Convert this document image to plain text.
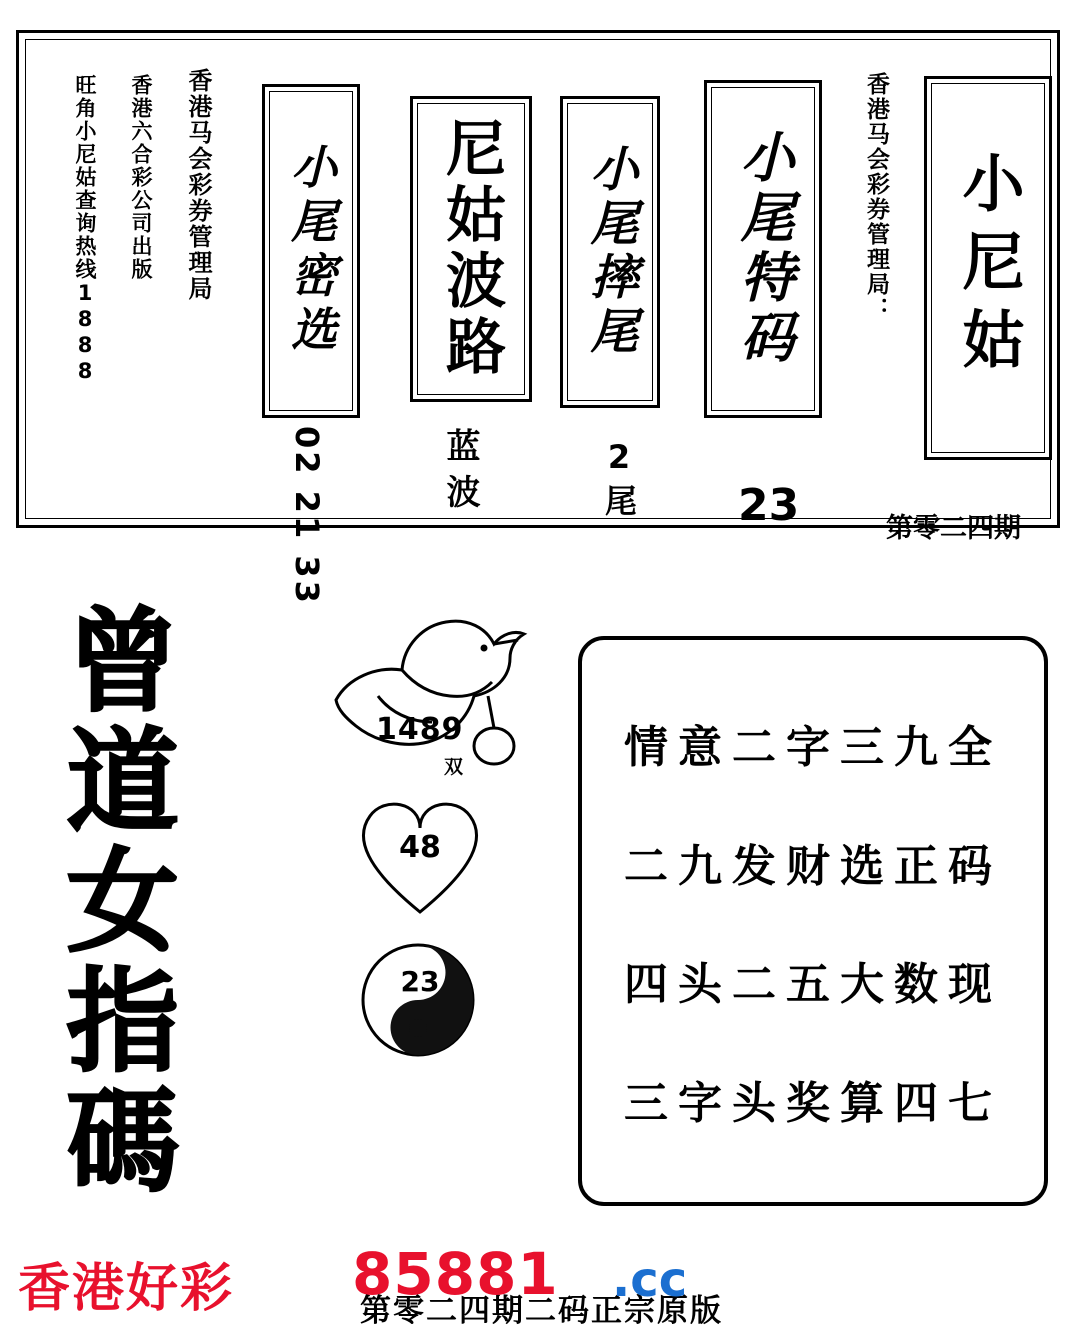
旺角小尼姑查询热线1888 香港六合彩公司出版 香港马会彩券管理局 小尾密选
02 21 33
尼姑波路
蓝波
小尾摔尾
2尾
小尾特码
23
香港马会彩券管理局：
第零二四期
小尼姑
曾道女指碼	1489
双
48
23
情意二字三九全
二九发财选正码
四头二五大数现
三字头奖算四七
第零二四期二码正宗原版
香港好彩 85881 .cc
